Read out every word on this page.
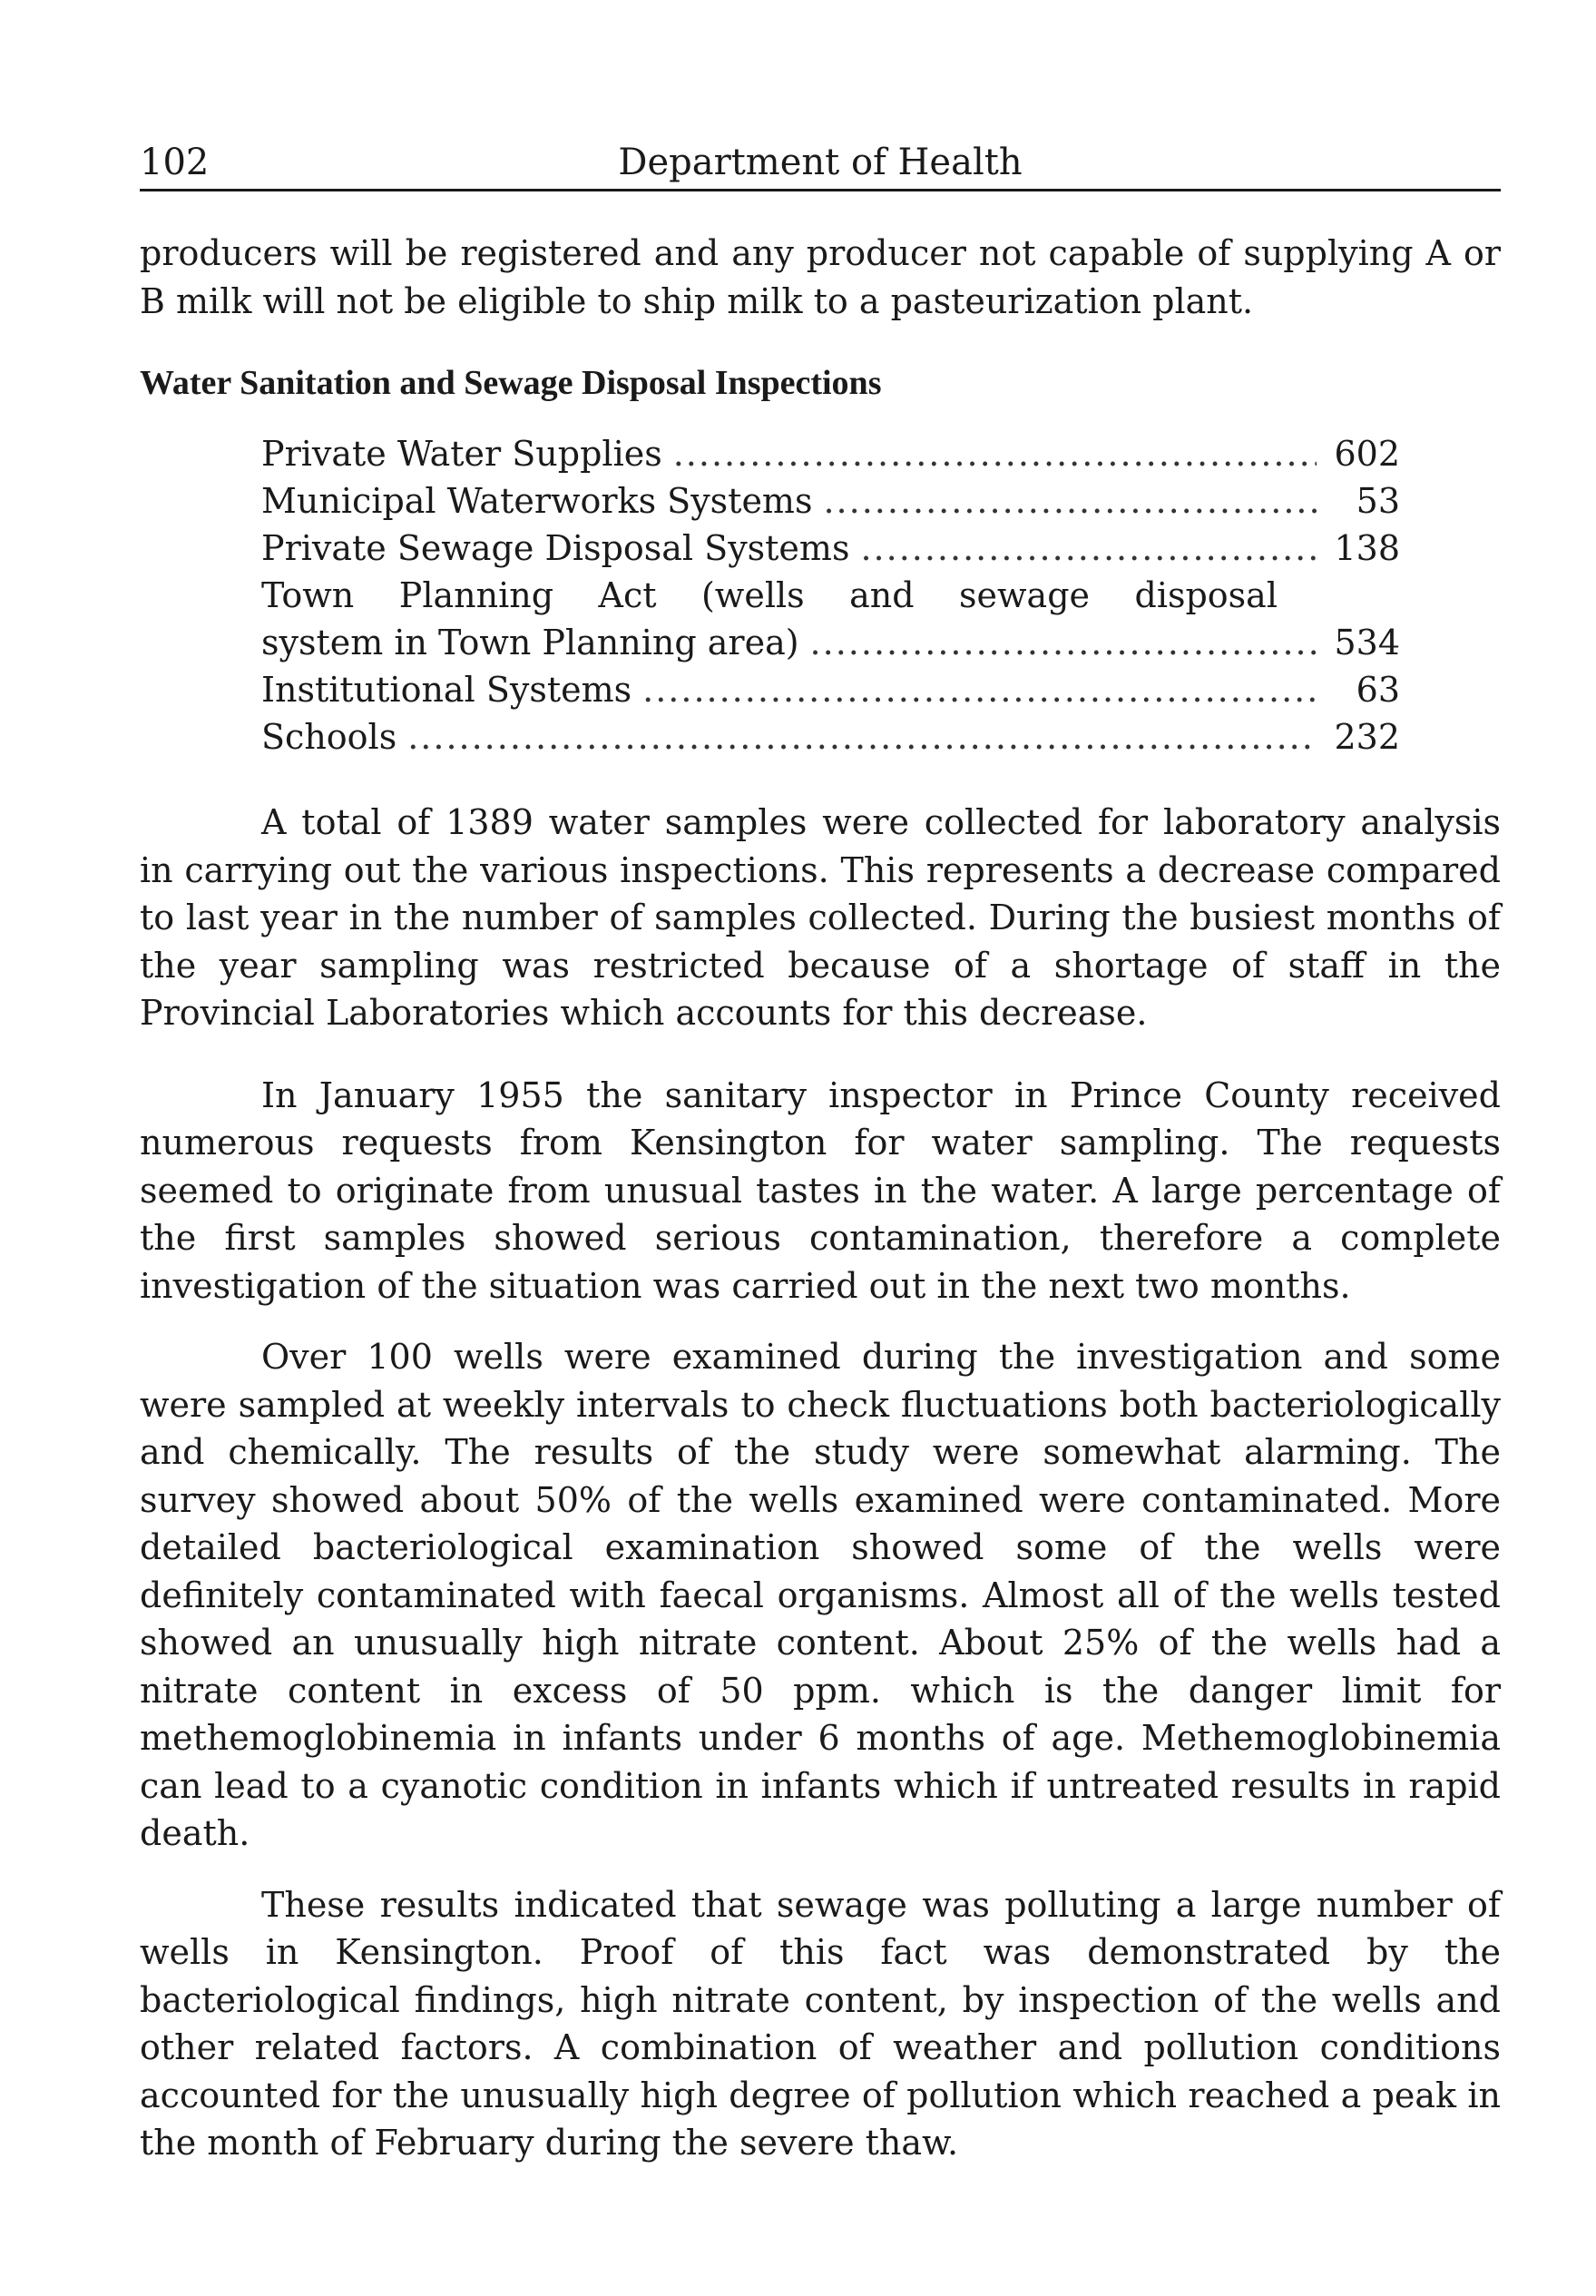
102	Department of Health

producers will be registered and any producer not capable of supplying A or B milk will not be eligible to ship milk to a pasteurization plant.

Water Sanitation and Sewage Disposal Inspections
Private Water Supplies .....	602
Municipal Waterworks Systems .....	53
Private Sewage Disposal Systems .....	138
Town Planning Act (wells and sewage disposal
system in Town Planning area) .....	534
Institutional Systems .....	63
Schools .....	232

A total of 1389 water samples were collected for laboratory analysis in carrying out the various inspections. This represents a decrease compared to last year in the number of samples collected. During the busiest months of the year sampling was restricted because of a shortage of staff in the Provincial Laboratories which accounts for this decrease.

In January 1955 the sanitary inspector in Prince County received numerous requests from Kensington for water sampling. The requests seemed to originate from unusual tastes in the water. A large percentage of the first samples showed serious contamination, therefore a complete investigation of the situation was carried out in the next two months.

Over 100 wells were examined during the investigation and some were sampled at weekly intervals to check fluctuations both bacteriologically and chemically. The results of the study were somewhat alarming. The survey showed about 50% of the wells examined were contaminated. More detailed bacteriological examination showed some of the wells were definitely contaminated with faecal organisms. Almost all of the wells tested showed an unusually high nitrate content. About 25% of the wells had a nitrate content in excess of 50 ppm. which is the danger limit for methemoglobinemia in infants under 6 months of age. Methemoglobinemia can lead to a cyanotic condition in infants which if untreated results in rapid death.

These results indicated that sewage was polluting a large number of wells in Kensington. Proof of this fact was demonstrated by the bacteriological findings, high nitrate content, by inspection of the wells and other related factors. A combination of weather and pollution conditions accounted for the unusually high degree of pollution which reached a peak in the month of February during the severe thaw.
